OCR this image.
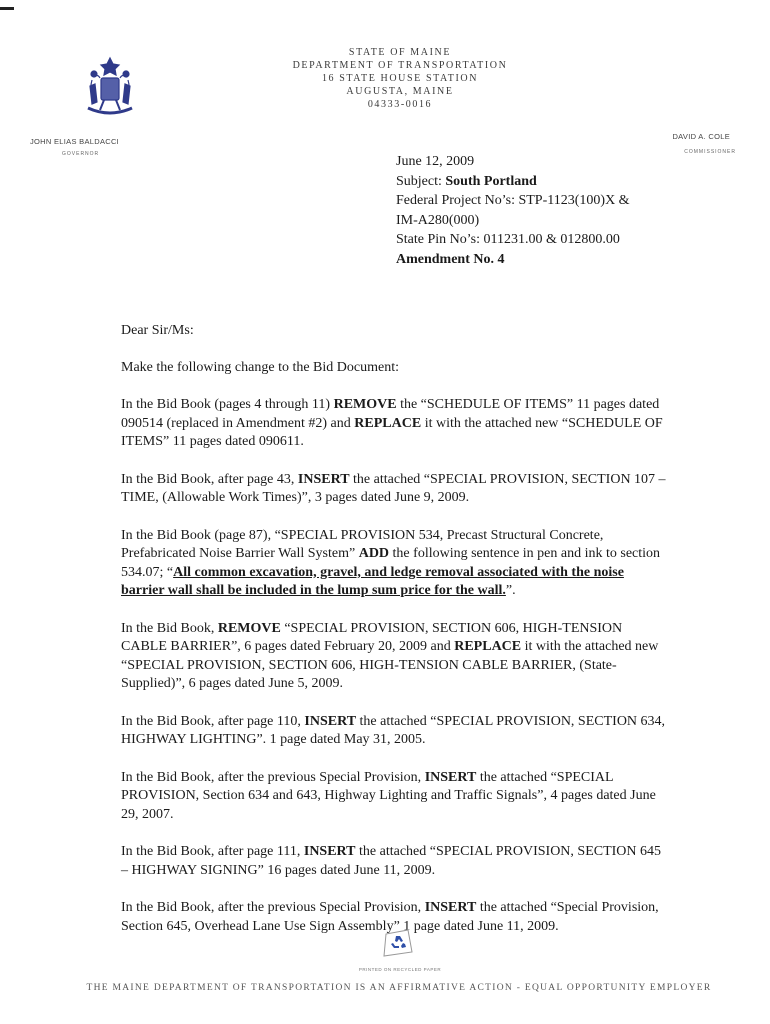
STATE OF MAINE
DEPARTMENT OF TRANSPORTATION
16 STATE HOUSE STATION
AUGUSTA, MAINE
04333-0016
JOHN ELIAS BALDACCI
GOVERNOR
DAVID A. COLE
COMMISSIONER
June 12, 2009
Subject: South Portland
Federal Project No’s: STP-1123(100)X &
IM-A280(000)
State Pin No’s: 011231.00 & 012800.00
Amendment No. 4

Dear Sir/Ms:

Make the following change to the Bid Document:

In the Bid Book (pages 4 through 11) REMOVE the “SCHEDULE OF ITEMS” 11 pages dated 090514 (replaced in Amendment #2) and REPLACE it with the attached new “SCHEDULE OF ITEMS” 11 pages dated 090611.

In the Bid Book, after page 43, INSERT the attached “SPECIAL PROVISION, SECTION 107 – TIME, (Allowable Work Times)”, 3 pages dated June 9, 2009.

In the Bid Book (page 87), “SPECIAL PROVISION 534, Precast Structural Concrete, Prefabricated Noise Barrier Wall System” ADD the following sentence in pen and ink to section 534.07; “All common excavation, gravel, and ledge removal associated with the noise barrier wall shall be included in the lump sum price for the wall.”.

In the Bid Book, REMOVE “SPECIAL PROVISION, SECTION 606, HIGH-TENSION CABLE BARRIER”, 6 pages dated February 20, 2009 and REPLACE it with the attached new “SPECIAL PROVISION, SECTION 606, HIGH-TENSION CABLE BARRIER, (State-Supplied)”, 6 pages dated June 5, 2009.

In the Bid Book, after page 110, INSERT the attached “SPECIAL PROVISION, SECTION 634, HIGHWAY LIGHTING”. 1 page dated May 31, 2005.

In the Bid Book, after the previous Special Provision, INSERT the attached “SPECIAL PROVISION, Section 634 and 643, Highway Lighting and Traffic Signals”, 4 pages dated June 29, 2007.

In the Bid Book, after page 111, INSERT the attached “SPECIAL PROVISION, SECTION 645 – HIGHWAY SIGNING” 16 pages dated June 11, 2009.

In the Bid Book, after the previous Special Provision, INSERT the attached “Special Provision, Section 645, Overhead Lane Use Sign Assembly” 1 page dated June 11, 2009.

PRINTED ON RECYCLED PAPER
THE MAINE DEPARTMENT OF TRANSPORTATION IS AN AFFIRMATIVE ACTION - EQUAL OPPORTUNITY EMPLOYER
